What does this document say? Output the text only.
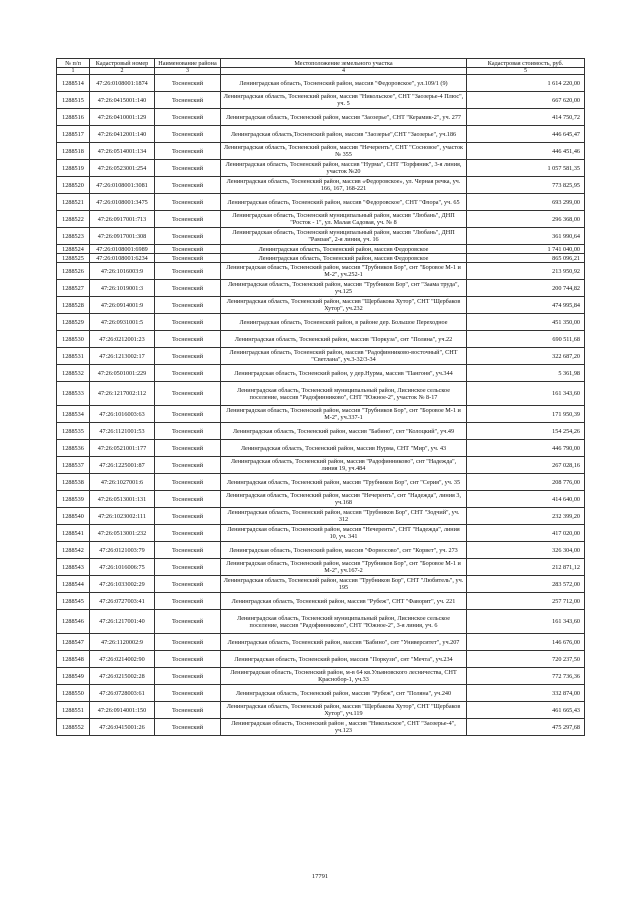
№ п/п	Кадастровый номер	Наименование района	Местоположение земельного участка	Кадастровая стоимость, руб.
1	2	3	4	5
1288514	47:26:0108001:1874	Тосненский	Ленинградская область, Тосненский район, массив "Федоровское", ул.109/1 (9)	1 614 220,00
1288515	47:26:0415001:140	Тосненский	Ленинградская область, Тосненский район, массив "Никольское", СНТ "Заозерье-4 Плюс", уч. 5	667 620,00
1288516	47:26:0410001:129	Тосненский	Ленинградская область, Тосненский район, массив "Заозерье", СНТ "Керамик-2", уч. 277	414 750,72
1288517	47:26:0412001:140	Тосненский	Ленинградская область,Тосненский район, массив "Заозерье",СНТ "Заозерье", уч.186	446 645,47
1288518	47:26:0514001:134	Тосненский	Ленинградская область, Тосненский район, массив "Нечеренть", СНТ "Сосновое", участок № 355	446 451,46
1288519	47:26:0523001:254	Тосненский	Ленинградская область, Тосненский район, массив "Нурма", СНТ "Торфяник", 3-я линия, участок №20	1 057 581,35
1288520	47:26:0108001:3081	Тосненский	Ленинградская область, Тосненский район, массив «Федоровское», ул. Черная речка, уч. 166, 167, 168-221	773 825,95
1288521	47:26:0108001:3475	Тосненский	Ленинградская область, Тосненский район, массив "Федоровское", СНТ "Флора", уч. 65	693 299,00
1288522	47:26:0917001:713	Тосненский	Ленинградская область, Тосненский муниципальный район, массив "Любань", ДНП "Росток - 1", ул. Малая Садовая, уч. № 8	296 368,00
1288523	47:26:0917001:308	Тосненский	Ленинградская область, Тосненский муниципальный район, массив "Любань", ДНП "Рамзая", 2-я линия, уч. 16	361 990,64
1288524	47:26:0108001:6989	Тосненский	Ленинградская область, Тосненский район, массив Федоровское	1 741 040,00
1288525	47:26:0108001:6234	Тосненский	Ленинградская область, Тосненский район, массив Федоровское	865 096,21
1288526	47:26:1016003:9	Тосненский	Ленинградская область, Тосненский район, массив "Трубников Бор", снт "Боровое М-1 и М-2", уч.252-1	213 950,92
1288527	47:26:1019001:3	Тосненский	Ленинградская область, Тосненский район, массив "Трубников Бор", снт "Заама труда", уч.125	200 744,82
1288528	47:26:0914001:9	Тосненский	Ленинградская область, Тосненский район, массив "Щербакова Хутор", СНТ "Щербаков Хутор", уч.232	474 995,84
1288529	47:26:0931001:5	Тосненский	Ленинградская область, Тосненский район, в районе дер. Большое Переходное	451 350,00
1288530	47:26:0212001:23	Тосненский	Ленинградская область, Тосненский район, массив "Поркуза", снт "Поляна", уч.22	690 511,68
1288531	47:26:1213002:17	Тосненский	Ленинградская область, Тосненский район, массив "Радофинниково-восточный", СНТ "Светлана", уч.3-32/3-34	322 687,20
1288532	47:26:0501001:229	Тосненский	Ленинградская область, Тосненский район, у дер.Нурма, массив "Пангоня", уч.344	5 361,98
1288533	47:26:1217002:112	Тосненский	Ленинградская область, Тосненский муниципальный район, Лисинское сельское поселение, массив "Радофинниково", СНТ "Южное-2", участок № 8-17	161 343,60
1288534	47:26:1016003:63	Тосненский	Ленинградская область, Тосненский район, массив "Трубников Бор", снт "Боровое М-1 и М-2", уч.337-1	171 950,39
1288535	47:26:1121001:53	Тосненский	Ленинградская область, Тосненский район, массив "Бабино", снт "Колоцкий", уч.49	154 254,26
1288536	47:26:0521001:177	Тосненский	Ленинградская область, Тосненский район, массив Нурма, СНТ "Мир", уч. 43	446 790,00
1288537	47:26:1225001:87	Тосненский	Ленинградская область, Тосненский район, массив "Радофинниково", снт "Надежда", линия 19, уч.484	267 028,16
1288538	47:26:1027001:6	Тосненский	Ленинградская область, Тосненский район, массив "Трубников Бор", снт "Серия", уч. 35	208 776,00
1288539	47:26:0513001:131	Тосненский	Ленинградская область, Тосненский район, массив "Нечеренть", снт "Надежда", линия 3, уч.168	414 640,00
1288540	47:26:1023002:111	Тосненский	Ленинградская область, Тосненский район, массив "Трубников Бор", СНТ "Зодчий", уч. 312	232 399,20
1288541	47:26:0513001:232	Тосненский	Ленинградская область, Тосненский район, массив "Нечеренть", СНТ "Надежда", линия 10, уч. 341	417 020,00
1288542	47:26:0121003:79	Тосненский	Ленинградская область, Тосненский район, массив "Форносово", снт "Корвет", уч. 273	326 304,00
1288543	47:26:1016006:75	Тосненский	Ленинградская область, Тосненский район, массив "Трубников Бор", снт "Боровое М-1 и М-2", уч.167-2	212 871,12
1288544	47:26:1033002:29	Тосненский	Ленинградская область, Тосненский район, массив "Трубников Бор", СНТ "Любитель", уч. 195	283 572,00
1288545	47:26:0727003:41	Тосненский	Ленинградская область, Тосненский район, массив "Рубеж", СНТ "Фаворит", уч. 221	257 712,00
1288546	47:26:1217001:40	Тосненский	Ленинградская область, Тосненский муниципальный район, Лисинское сельское поселение, массив "Радофинниково", СНТ "Южное-2", 3-я линия, уч. 6	161 343,60
1288547	47:26:1120002:9	Тосненский	Ленинградская область, Тосненский район, массив "Бабино", снт "Университет", уч.207	146 676,00
1288548	47:26:0214002:90	Тосненский	Ленинградская область, Тосненский район, массив "Поркузи", снт "Мечта", уч.234	720 237,50
1288549	47:26:0215002:28	Тосненский	Ленинградская область, Тосненский район, м-в 64 кв.Ульяновского лесничества, СНТ Краснобор-1, уч.33	772 736,36
1288550	47:26:0728003:61	Тосненский	Ленинградская область, Тосненский район, массив "Рубеж", снт "Полянa", уч.240	332 874,00
1288551	47:26:0914001:150	Тосненский	Ленинградская область, Тосненский район, массив "Щербакова Хутор", СНТ "Щербаков Хутор", уч.119	461 665,43
1288552	47:26:0415001:26	Тосненский	Ленинградская область, Тосненский район , массив "Никольское", СНТ "Заозерье-4", уч.123	475 297,68
17791
